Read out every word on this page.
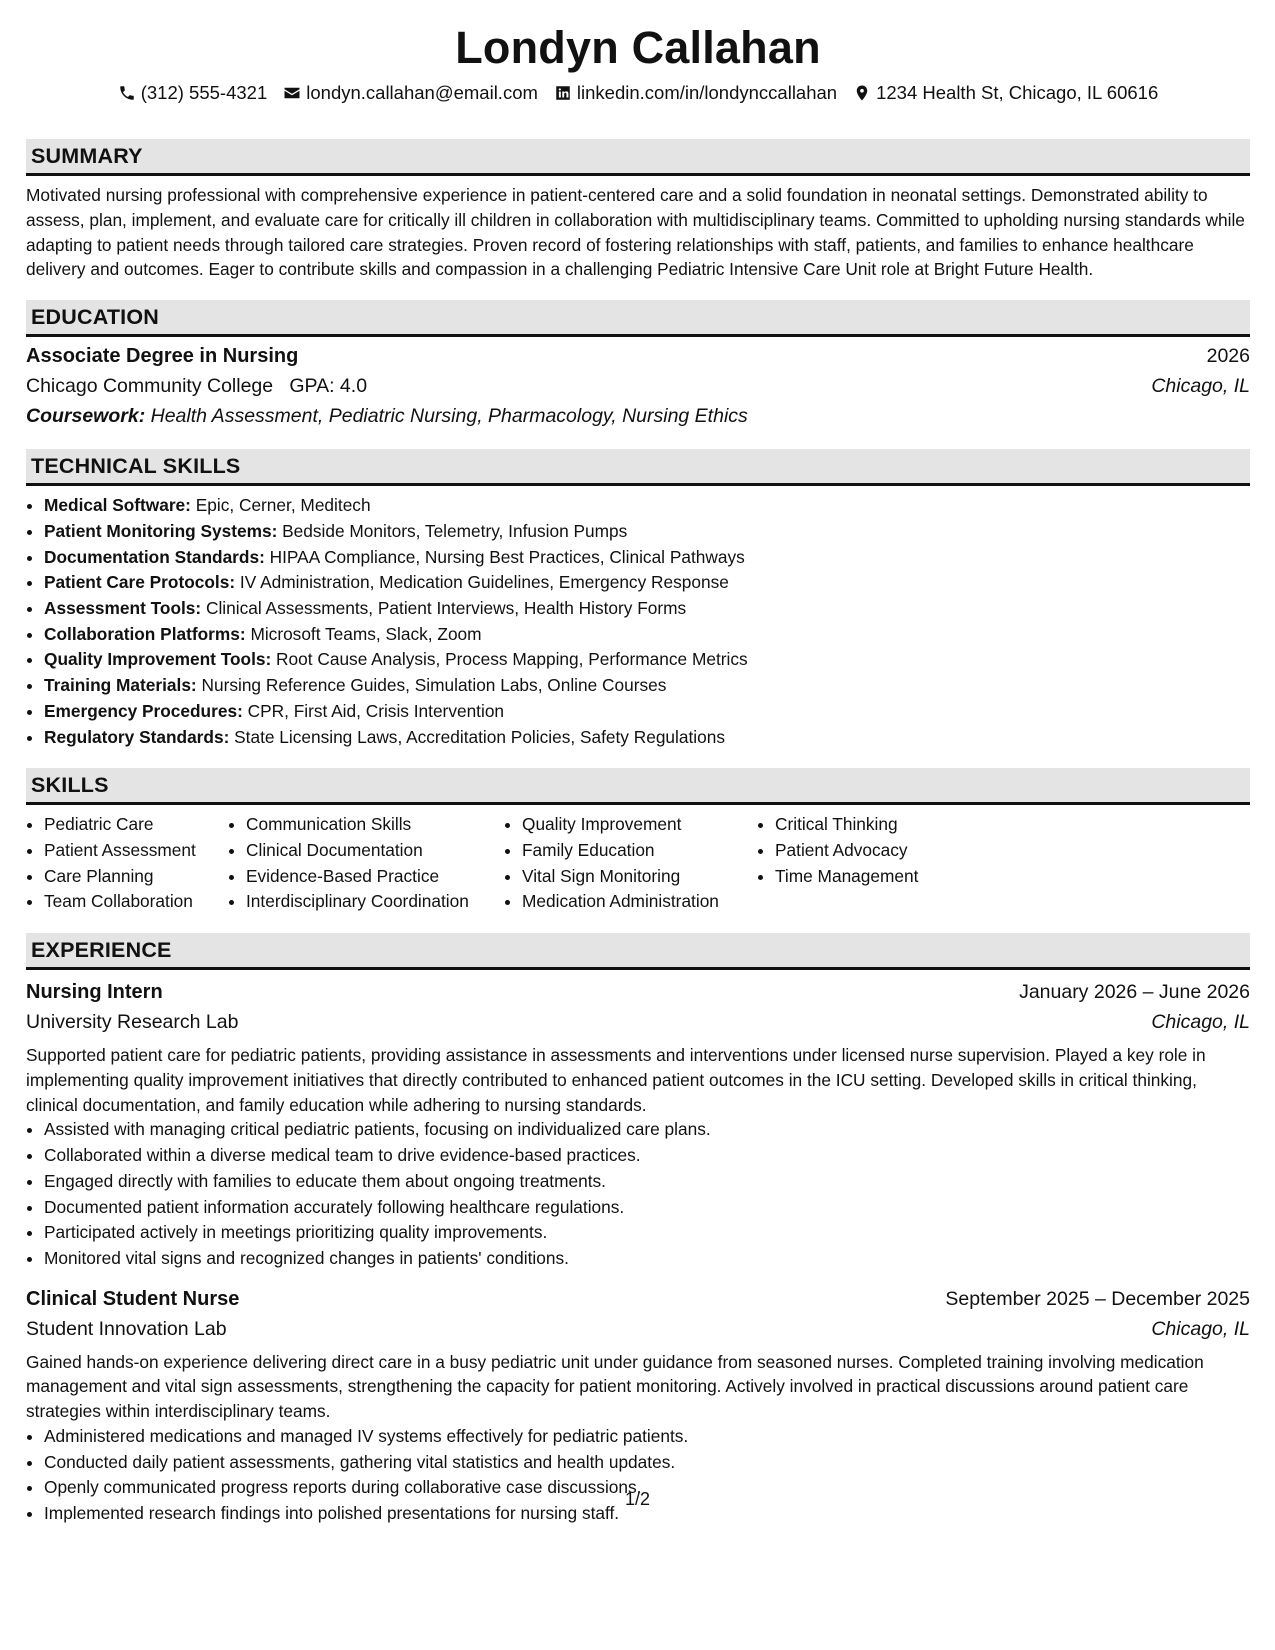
Londyn Callahan
(312) 555-4321 londyn.callahan@email.com linkedin.com/in/londynccallahan 1234 Health St, Chicago, IL 60616
SUMMARY

Motivated nursing professional with comprehensive experience in patient-centered care and a solid foundation in neonatal settings. Demonstrated ability to assess, plan, implement, and evaluate care for critically ill children in collaboration with multidisciplinary teams. Committed to upholding nursing standards while adapting to patient needs through tailored care strategies. Proven record of fostering relationships with staff, patients, and families to enhance healthcare delivery and outcomes. Eager to contribute skills and compassion in a challenging Pediatric Intensive Care Unit role at Bright Future Health.

EDUCATION
Associate Degree in Nursing	2026
Chicago Community College   GPA: 4.0	Chicago, IL
Coursework: Health Assessment, Pediatric Nursing, Pharmacology, Nursing Ethics
TECHNICAL SKILLS
• Medical Software: Epic, Cerner, Meditech
• Patient Monitoring Systems: Bedside Monitors, Telemetry, Infusion Pumps
• Documentation Standards: HIPAA Compliance, Nursing Best Practices, Clinical Pathways
• Patient Care Protocols: IV Administration, Medication Guidelines, Emergency Response
• Assessment Tools: Clinical Assessments, Patient Interviews, Health History Forms
• Collaboration Platforms: Microsoft Teams, Slack, Zoom
• Quality Improvement Tools: Root Cause Analysis, Process Mapping, Performance Metrics
• Training Materials: Nursing Reference Guides, Simulation Labs, Online Courses
• Emergency Procedures: CPR, First Aid, Crisis Intervention
• Regulatory Standards: State Licensing Laws, Accreditation Policies, Safety Regulations
SKILLS
• Pediatric Care
• Patient Assessment
• Care Planning
• Team Collaboration
• Communication Skills
• Clinical Documentation
• Evidence-Based Practice
• Interdisciplinary Coordination
• Quality Improvement
• Family Education
• Vital Sign Monitoring
• Medication Administration
• Critical Thinking
• Patient Advocacy
• Time Management
EXPERIENCE
Nursing Intern	January 2026 – June 2026
University Research Lab	Chicago, IL

Supported patient care for pediatric patients, providing assistance in assessments and interventions under licensed nurse supervision. Played a key role in implementing quality improvement initiatives that directly contributed to enhanced patient outcomes in the ICU setting. Developed skills in critical thinking, clinical documentation, and family education while adhering to nursing standards.

• Assisted with managing critical pediatric patients, focusing on individualized care plans.
• Collaborated within a diverse medical team to drive evidence-based practices.
• Engaged directly with families to educate them about ongoing treatments.
• Documented patient information accurately following healthcare regulations.
• Participated actively in meetings prioritizing quality improvements.
• Monitored vital signs and recognized changes in patients' conditions.
Clinical Student Nurse	September 2025 – December 2025
Student Innovation Lab	Chicago, IL

Gained hands-on experience delivering direct care in a busy pediatric unit under guidance from seasoned nurses. Completed training involving medication management and vital sign assessments, strengthening the capacity for patient monitoring. Actively involved in practical discussions around patient care strategies within interdisciplinary teams.

• Administered medications and managed IV systems effectively for pediatric patients.
• Conducted daily patient assessments, gathering vital statistics and health updates.
• Openly communicated progress reports during collaborative case discussions.
• Implemented research findings into polished presentations for nursing staff.
1/2
